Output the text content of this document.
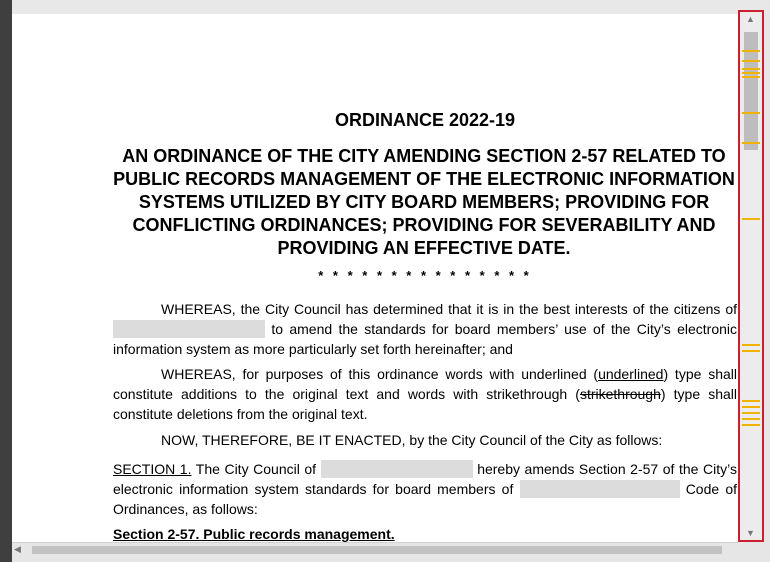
ORDINANCE 2022-19
AN ORDINANCE OF THE CITY AMENDING SECTION 2-57 RELATED TO PUBLIC RECORDS MANAGEMENT OF THE ELECTRONIC INFORMATION SYSTEMS UTILIZED BY CITY BOARD MEMBERS; PROVIDING FOR CONFLICTING ORDINANCES; PROVIDING FOR SEVERABILITY AND PROVIDING AN EFFECTIVE DATE.
* * * * * * * * * * * * * * *
WHEREAS, the City Council has determined that it is in the best interests of the citizens of  to amend the standards for board members’ use of the City’s electronic information system as more particularly set forth hereinafter; and
WHEREAS, for purposes of this ordinance words with underlined (underlined) type shall constitute additions to the original text and words with strikethrough (strikethrough) type shall constitute deletions from the original text.
NOW, THEREFORE, BE IT ENACTED, by the City Council of the City as follows:
SECTION 1. The City Council of	hereby amends Section 2-57 of the City’s electronic information system standards for board members of	Code of Ordinances, as follows:
Section 2-57. Public records management.
◀
▲
▼
